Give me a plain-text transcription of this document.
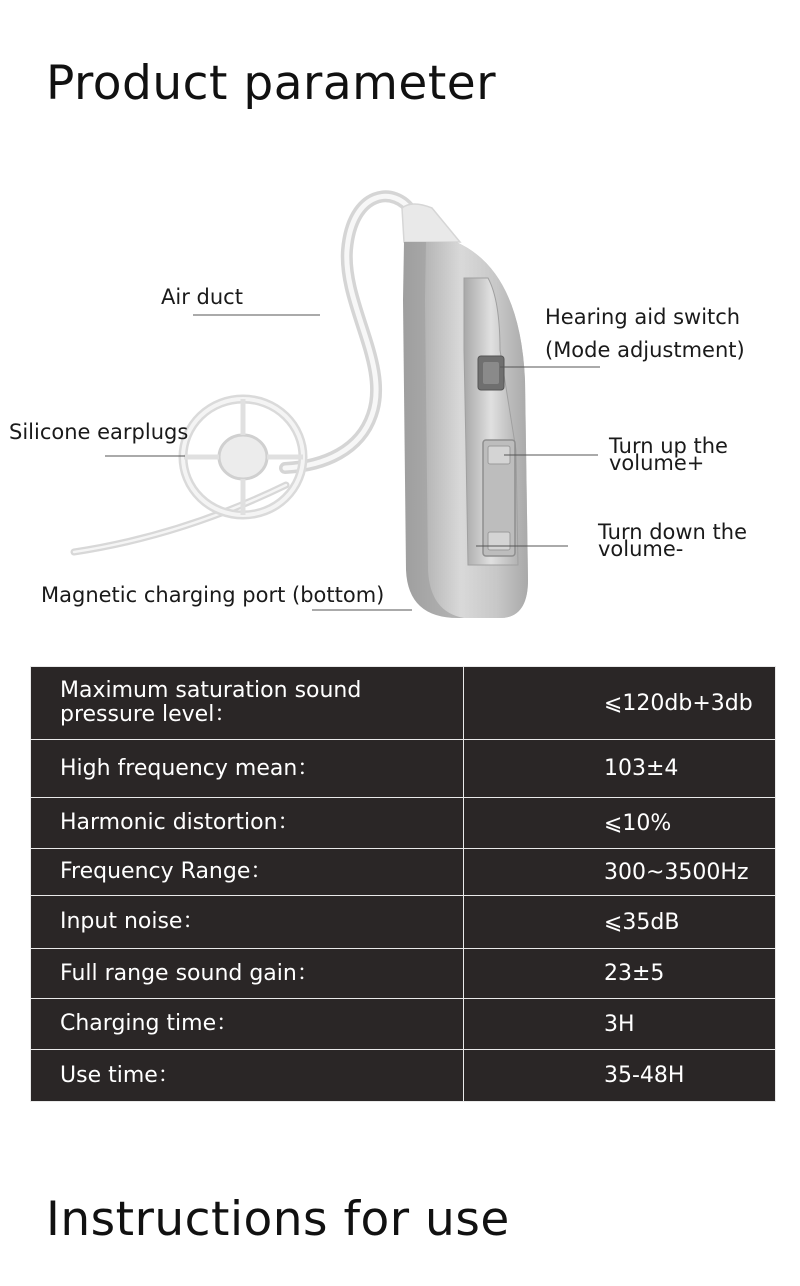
Product parameter
Air duct
Hearing aid switch
(Mode adjustment)
Silicone earplugs
Turn up the
volume+
Turn down the
volume-
Magnetic charging port (bottom)
Maximum saturation sound
pressure level：	⩽120db+3db
High frequency mean：	103±4
Harmonic distortion：	⩽10%
Frequency Range：	300~3500Hz
Input noise：	⩽35dB
Full range sound gain：	23±5
Charging time：	3H
Use time：	35-48H
Instructions for use
